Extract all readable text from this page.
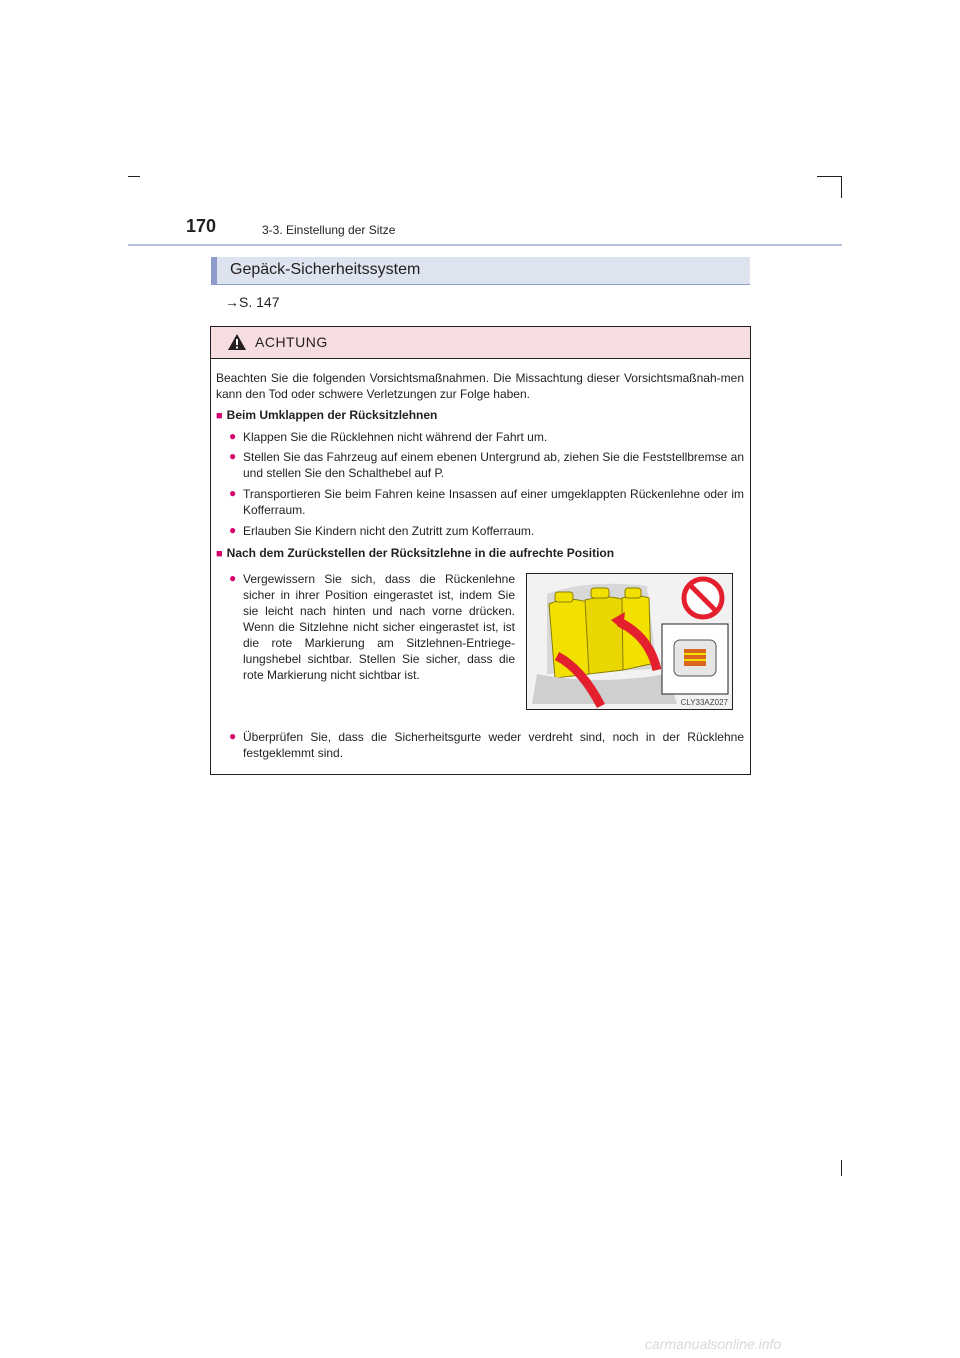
170	3-3. Einstellung der Sitze
Gepäck-Sicherheitssystem
→S. 147
ACHTUNG
Beachten Sie die folgenden Vorsichtsmaßnahmen. Die Missachtung dieser Vorsichtsmaßnah-men kann den Tod oder schwere Verletzungen zur Folge haben.
■ Beim Umklappen der Rücksitzlehnen
● Klappen Sie die Rücklehnen nicht während der Fahrt um.
● Stellen Sie das Fahrzeug auf einem ebenen Untergrund ab, ziehen Sie die Feststellbremse an und stellen Sie den Schalthebel auf P.
● Transportieren Sie beim Fahren keine Insassen auf einer umgeklappten Rückenlehne oder im Kofferraum.
● Erlauben Sie Kindern nicht den Zutritt zum Kofferraum.
■ Nach dem Zurückstellen der Rücksitzlehne in die aufrechte Position
● Vergewissern Sie sich, dass die Rückenlehne sicher in ihrer Position eingerastet ist, indem Sie sie leicht nach hinten und nach vorne drücken. Wenn die Sitzlehne nicht sicher eingerastet ist, ist die rote Markierung am Sitzlehnen-Entriege-lungshebel sichtbar. Stellen Sie sicher, dass die rote Markierung nicht sichtbar ist.
CLY33AZ027
● Überprüfen Sie, dass die Sicherheitsgurte weder verdreht sind, noch in der Rücklehne festgeklemmt sind.
carmanualsonline.info
